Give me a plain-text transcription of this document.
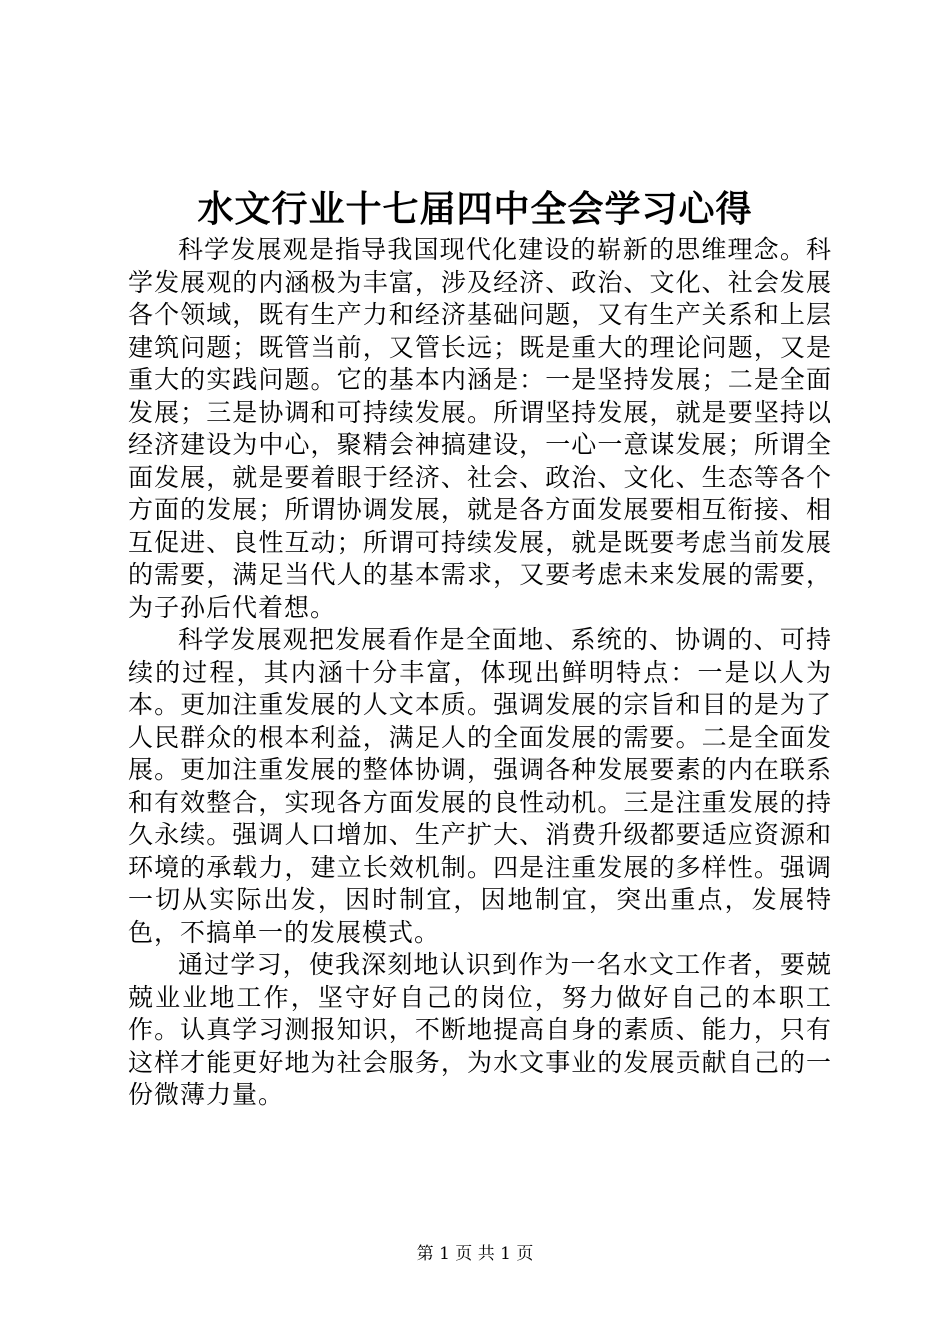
水文行业十七届四中全会学习心得

科学发展观是指导我国现代化建设的崭新的思维理念。科学发展观的内涵极为丰富，涉及经济、政治、文化、社会发展各个领域，既有生产力和经济基础问题，又有生产关系和上层建筑问题；既管当前，又管长远；既是重大的理论问题，又是重大的实践问题。它的基本内涵是：一是坚持发展；二是全面发展；三是协调和可持续发展。所谓坚持发展，就是要坚持以经济建设为中心，聚精会神搞建设，一心一意谋发展；所谓全面发展，就是要着眼于经济、社会、政治、文化、生态等各个方面的发展；所谓协调发展，就是各方面发展要相互衔接、相互促进、良性互动；所谓可持续发展，就是既要考虑当前发展的需要，满足当代人的基本需求，又要考虑未来发展的需要，为子孙后代着想。

科学发展观把发展看作是全面地、系统的、协调的、可持续的过程，其内涵十分丰富，体现出鲜明特点：一是以人为本。更加注重发展的人文本质。强调发展的宗旨和目的是为了人民群众的根本利益，满足人的全面发展的需要。二是全面发展。更加注重发展的整体协调，强调各种发展要素的内在联系和有效整合，实现各方面发展的良性动机。三是注重发展的持久永续。强调人口增加、生产扩大、消费升级都要适应资源和环境的承载力，建立长效机制。四是注重发展的多样性。强调一切从实际出发，因时制宜，因地制宜，突出重点，发展特色，不搞单一的发展模式。

通过学习，使我深刻地认识到作为一名水文工作者，要兢兢业业地工作，坚守好自己的岗位，努力做好自己的本职工作。认真学习测报知识，不断地提高自身的素质、能力，只有这样才能更好地为社会服务，为水文事业的发展贡献自己的一份微薄力量。

第 1 页 共 1 页
